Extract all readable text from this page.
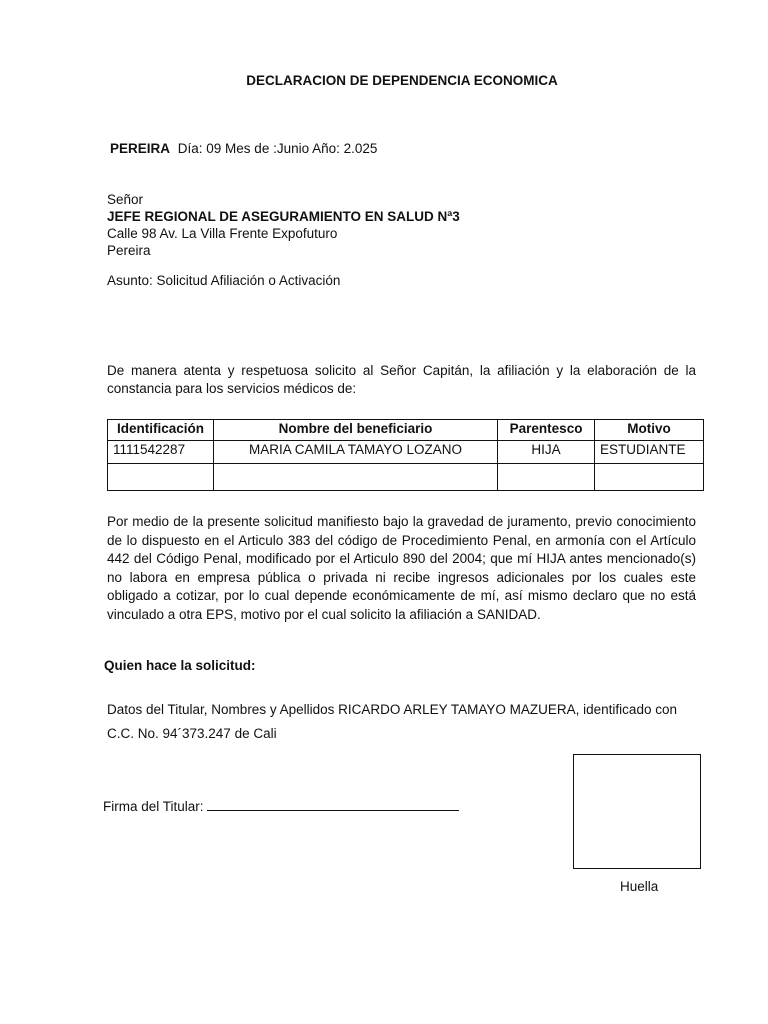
DECLARACION DE DEPENDENCIA ECONOMICA

PEREIRA Día: 09 Mes de :Junio Año: 2.025

Señor
JEFE REGIONAL DE ASEGURAMIENTO EN SALUD Nª3
Calle 98 Av. La Villa Frente Expofuturo
Pereira

Asunto: Solicitud Afiliación o Activación

De manera atenta y respetuosa solicito al Señor Capitán, la afiliación y la elaboración de la constancia para los servicios médicos de:

Identificación	Nombre del beneficiario	Parentesco	Motivo
1111542287	MARIA CAMILA TAMAYO LOZANO	HIJA	ESTUDIANTE

Por medio de la presente solicitud manifiesto bajo la gravedad de juramento, previo conocimiento de lo dispuesto en el Articulo 383 del código de Procedimiento Penal, en armonía con el Artículo 442 del Código Penal, modificado por el Articulo 890 del 2004; que mí HIJA antes mencionado(s) no labora en empresa pública o privada ni recibe ingresos adicionales por los cuales este obligado a cotizar, por lo cual depende económicamente de mí, así mismo declaro que no está vinculado a otra EPS, motivo por el cual solicito la afiliación a SANIDAD.

Quien hace la solicitud:

Datos del Titular, Nombres y Apellidos RICARDO ARLEY TAMAYO MAZUERA, identificado con C.C. No. 94´373.247 de Cali

Firma del Titular:

Huella
